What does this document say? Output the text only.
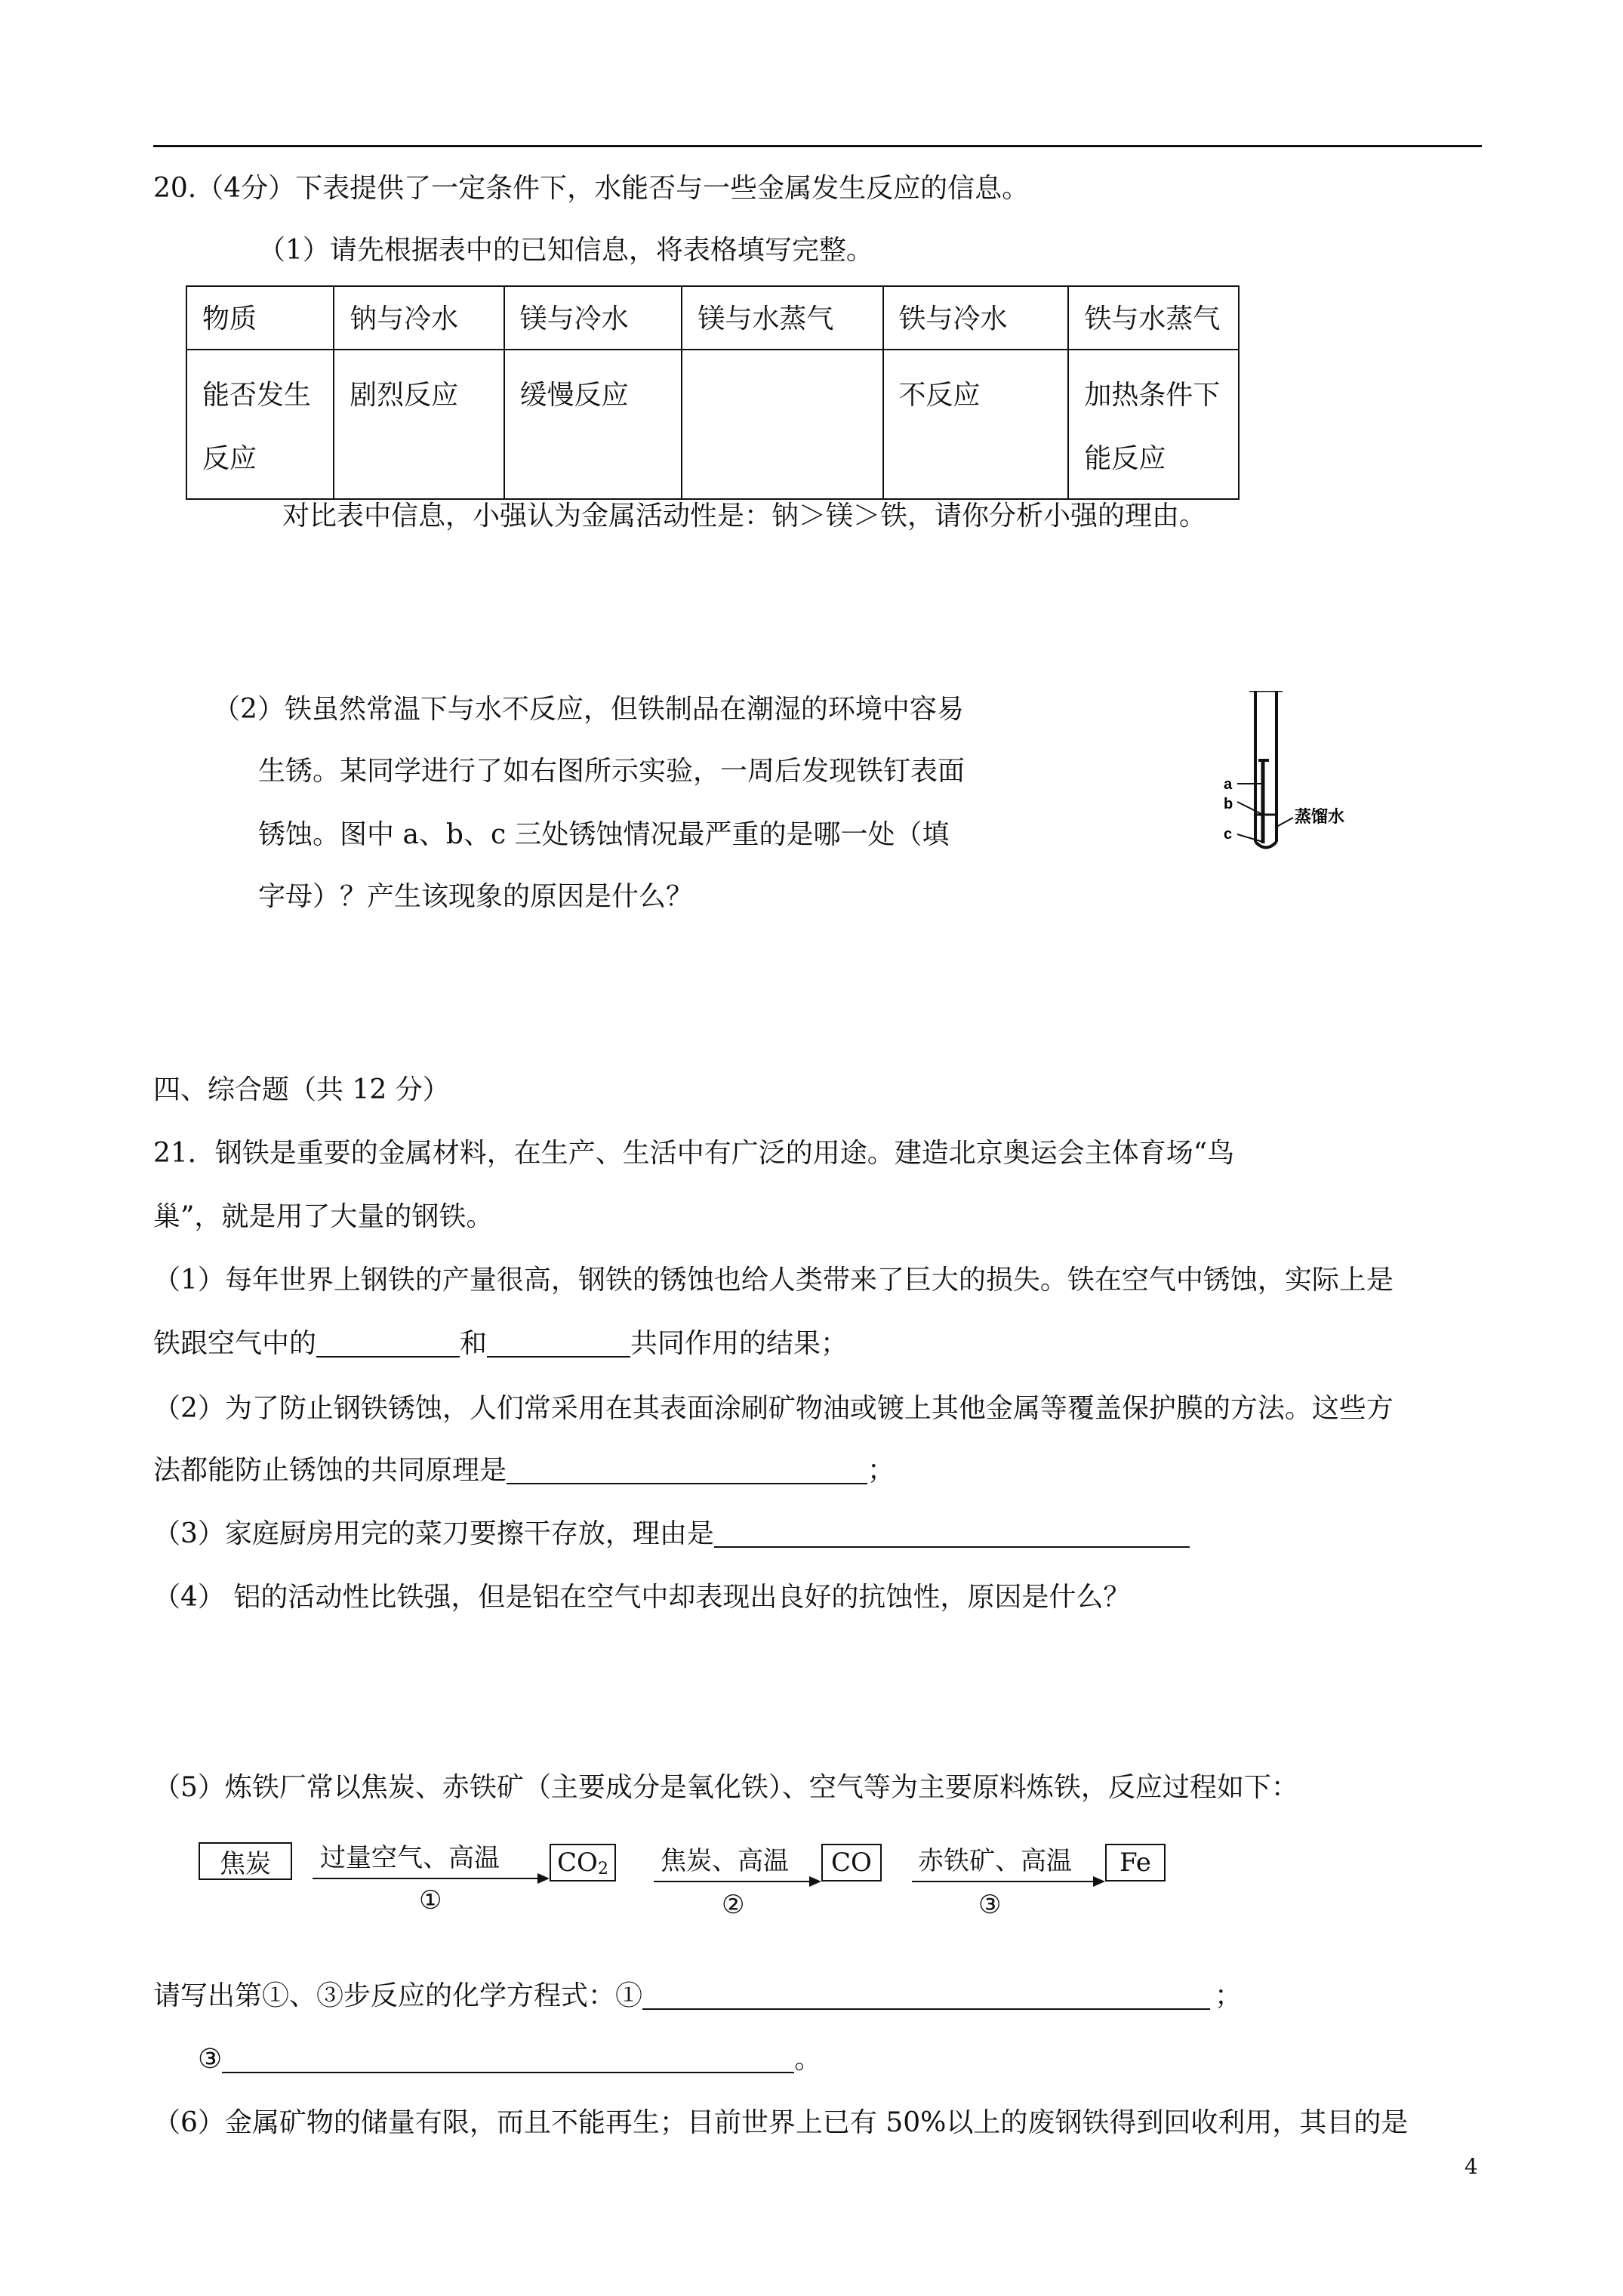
20.（4分）下表提供了一定条件下，水能否与一些金属发生反应的信息。
（1）请先根据表中的已知信息，将表格填写完整。
物质	钠与冷水	镁与冷水	镁与水蒸气	铁与冷水	铁与水蒸气
能否发生反应	剧烈反应	缓慢反应		不反应	加热条件下能反应
对比表中信息，小强认为金属活动性是：钠＞镁＞铁，请你分析小强的理由。
（2）铁虽然常温下与水不反应，但铁制品在潮湿的环境中容易
生锈。某同学进行了如右图所示实验，一周后发现铁钉表面
锈蚀。图中 a、b、c 三处锈蚀情况最严重的是哪一处（填
字母）？产生该现象的原因是什么？
a
b
c
蒸馏水
四、综合题（共 12 分）
21．钢铁是重要的金属材料，在生产、生活中有广泛的用途。建造北京奥运会主体育场“鸟
巢”，就是用了大量的钢铁。
（1）每年世界上钢铁的产量很高，钢铁的锈蚀也给人类带来了巨大的损失。铁在空气中锈蚀，实际上是
铁跟空气中的	和	共同作用的结果；
（2）为了防止钢铁锈蚀，人们常采用在其表面涂刷矿物油或镀上其他金属等覆盖保护膜的方法。这些方
法都能防止锈蚀的共同原理是	；
（3）家庭厨房用完的菜刀要擦干存放，理由是
（4） 铝的活动性比铁强，但是铝在空气中却表现出良好的抗蚀性，原因是什么？
（5）炼铁厂常以焦炭、赤铁矿（主要成分是氧化铁）、空气等为主要原料炼铁，反应过程如下：
焦炭	过量空气、高温
①
$CO_2$ 焦炭、高温
②
CO	赤铁矿、高温
③
Fe
请写出第①、③步反应的化学方程式：①	；
③	。
（6）金属矿物的储量有限，而且不能再生；目前世界上已有 50%以上的废钢铁得到回收利用，其目的是
4
